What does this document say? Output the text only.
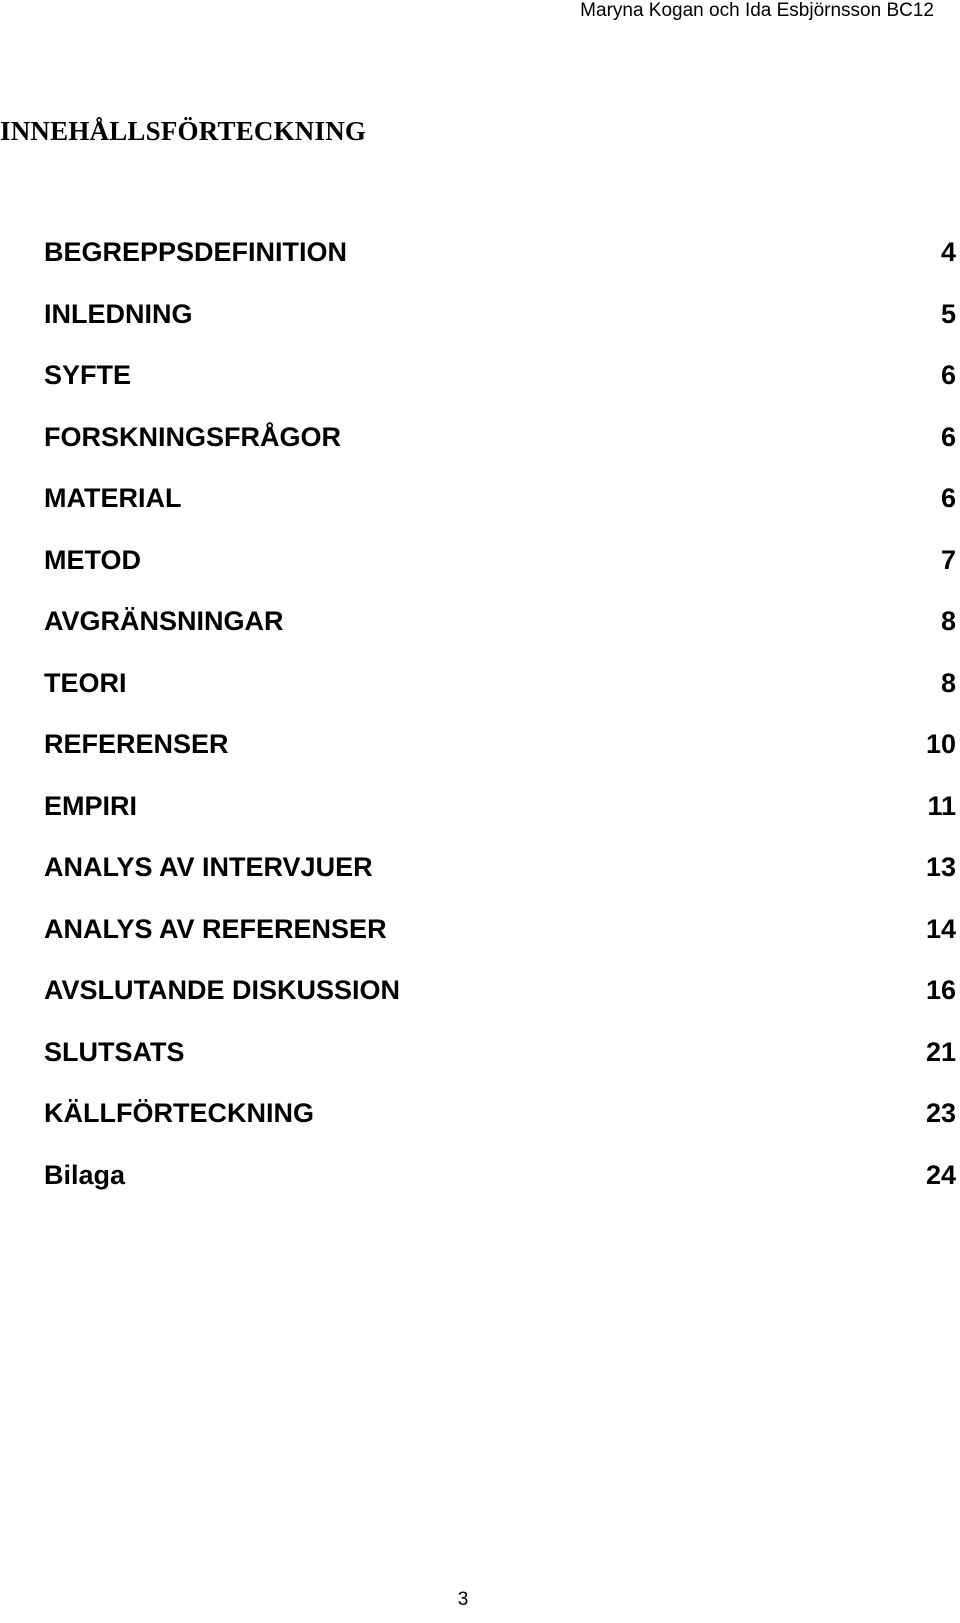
Maryna Kogan och Ida Esbjörnsson BC12
INNEHÅLLSFÖRTECKNING
BEGREPPSDEFINITION	4
INLEDNING	5
SYFTE	6
FORSKNINGSFRÅGOR	6
MATERIAL	6
METOD	7
AVGRÄNSNINGAR	8
TEORI	8
REFERENSER	10
EMPIRI	11
ANALYS AV INTERVJUER	13
ANALYS AV REFERENSER	14
AVSLUTANDE DISKUSSION	16
SLUTSATS	21
KÄLLFÖRTECKNING	23
Bilaga	24
3
